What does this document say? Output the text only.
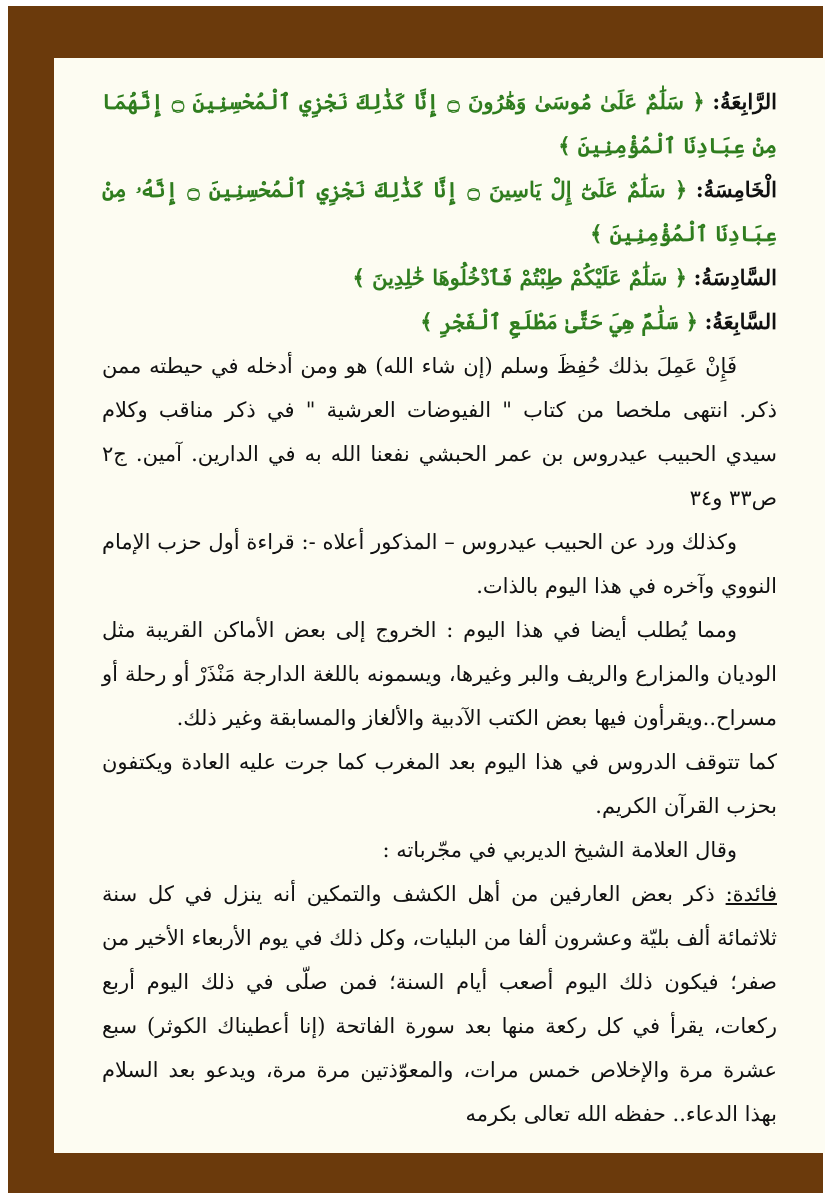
الرَّابِعَةُ: ﴿ سَلَٰمٌ عَلَىٰ مُوسَىٰ وَهَٰرُونَ ۝ إِنَّا كَذَٰلِكَ نَجْزِي ٱلْمُحْسِنِينَ ۝ إِنَّهُمَا مِنْ عِبَادِنَا ٱلْمُؤْمِنِينَ ﴾

الْخَامِسَةُ: ﴿ سَلَٰمٌ عَلَىٰٓ إِلْ يَاسِينَ ۝ إِنَّا كَذَٰلِكَ نَجْزِي ٱلْمُحْسِنِينَ ۝ إِنَّهُۥ مِنْ عِبَادِنَا ٱلْمُؤْمِنِينَ ﴾

السَّادِسَةُ: ﴿ سَلَٰمٌ عَلَيْكُمْ طِبْتُمْ فَٱدْخُلُوهَا خَٰلِدِينَ ﴾

السَّابِعَةُ: ﴿ سَلَٰمٌ هِيَ حَتَّىٰ مَطْلَعِ ٱلْفَجْرِ ﴾

فَإِنْ عَمِلَ بذلك حُفِظَ وسلم (إن شاء الله) هو ومن أدخله في حيطته ممن ذكر. انتهى ملخصا من كتاب " الفيوضات العرشية " في ذكر مناقب وكلام سيدي الحبيب عيدروس بن عمر الحبشي نفعنا الله به في الدارين. آمين. ج٢ ص٣٣ و٣٤

وكذلك ورد عن الحبيب عيدروس – المذكور أعلاه -: قراءة أول حزب الإمام النووي وآخره في هذا اليوم بالذات.

ومما يُطلب أيضا في هذا اليوم : الخروج إلى بعض الأماكن القريبة مثل الوديان والمزارع والريف والبر وغيرها، ويسمونه باللغة الدارجة مَنْذَرْ أو رحلة أو مسراح..ويقرأون فيها بعض الكتب الآدبية والألغاز والمسابقة وغير ذلك.

كما تتوقف الدروس في هذا اليوم بعد المغرب كما جرت عليه العادة ويكتفون بحزب القرآن الكريم.

وقال العلامة الشيخ الديربي في مجّرباته :

فائدة: ذكر بعض العارفين من أهل الكشف والتمكين أنه ينزل في كل سنة ثلاثمائة ألف بليّة وعشرون ألفا من البليات، وكل ذلك في يوم الأربعاء الأخير من صفر؛ فيكون ذلك اليوم أصعب أيام السنة؛ فمن صلّى في ذلك اليوم أربع ركعات، يقرأ في كل ركعة منها بعد سورة الفاتحة (إنا أعطيناك الكوثر) سبع عشرة مرة والإخلاص خمس مرات، والمعوّذتين مرة مرة، ويدعو بعد السلام بهذا الدعاء.. حفظه الله تعالى بكرمه
